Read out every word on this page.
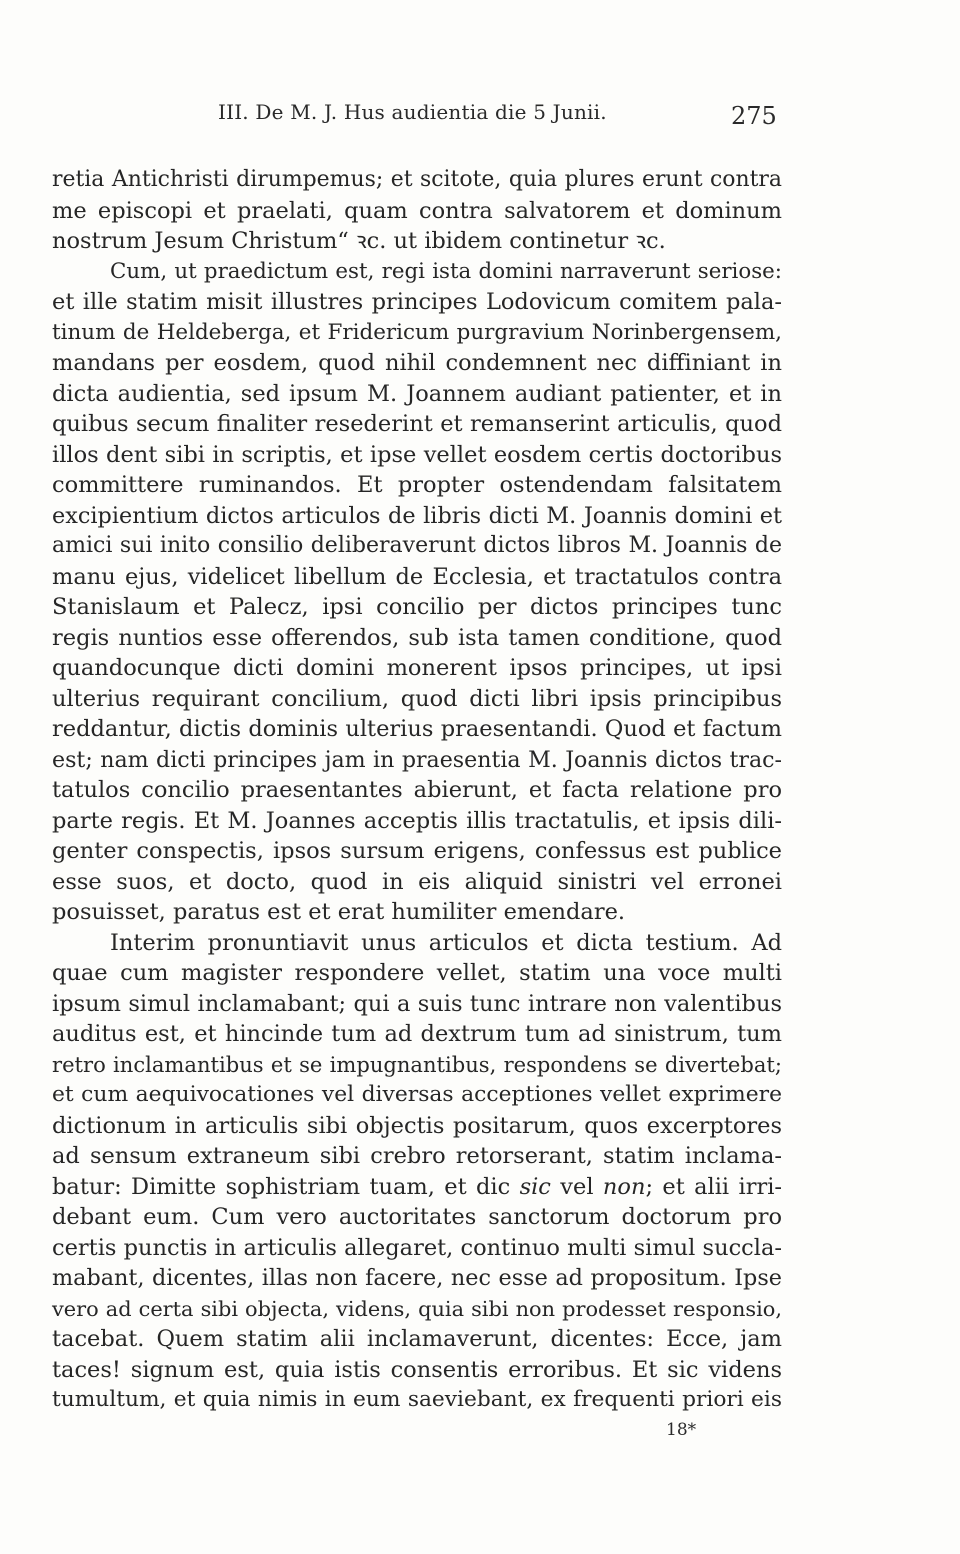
III. De M. J. Hus audientia die 5 Junii.	275
retia Antichristi dirumpemus; et scitote, quia plures erunt contra
me episcopi et praelati, quam contra salvatorem et dominum
nostrum Jesum Christum“ ꝛc. ut ibidem continetur ꝛc.
Cum, ut praedictum est, regi ista domini narraverunt seriose:
et ille statim misit illustres principes Lodovicum comitem pala-
tinum de Heldeberga, et Fridericum purgravium Norinbergensem,
mandans per eosdem, quod nihil condemnent nec diffiniant in
dicta audientia, sed ipsum M. Joannem audiant patienter, et in
quibus secum finaliter resederint et remanserint articulis, quod
illos dent sibi in scriptis, et ipse vellet eosdem certis doctoribus
committere ruminandos. Et propter ostendendam falsitatem
excipientium dictos articulos de libris dicti M. Joannis domini et
amici sui inito consilio deliberaverunt dictos libros M. Joannis de
manu ejus, videlicet libellum de Ecclesia, et tractatulos contra
Stanislaum et Palecz, ipsi concilio per dictos principes tunc
regis nuntios esse offerendos, sub ista tamen conditione, quod
quandocunque dicti domini monerent ipsos principes, ut ipsi
ulterius requirant concilium, quod dicti libri ipsis principibus
reddantur, dictis dominis ulterius praesentandi. Quod et factum
est; nam dicti principes jam in praesentia M. Joannis dictos trac-
tatulos concilio praesentantes abierunt, et facta relatione pro
parte regis. Et M. Joannes acceptis illis tractatulis, et ipsis dili-
genter conspectis, ipsos sursum erigens, confessus est publice
esse suos, et docto, quod in eis aliquid sinistri vel erronei
posuisset, paratus est et erat humiliter emendare.
Interim pronuntiavit unus articulos et dicta testium. Ad
quae cum magister respondere vellet, statim una voce multi
ipsum simul inclamabant; qui a suis tunc intrare non valentibus
auditus est, et hincinde tum ad dextrum tum ad sinistrum, tum
retro inclamantibus et se impugnantibus, respondens se divertebat;
et cum aequivocationes vel diversas acceptiones vellet exprimere
dictionum in articulis sibi objectis positarum, quos excerptores
ad sensum extraneum sibi crebro retorserant, statim inclama-
batur: Dimitte sophistriam tuam, et dic sic vel non; et alii irri-
debant eum. Cum vero auctoritates sanctorum doctorum pro
certis punctis in articulis allegaret, continuo multi simul succla-
mabant, dicentes, illas non facere, nec esse ad propositum. Ipse
vero ad certa sibi objecta, videns, quia sibi non prodesset responsio,
tacebat. Quem statim alii inclamaverunt, dicentes: Ecce, jam
taces! signum est, quia istis consentis erroribus. Et sic videns
tumultum, et quia nimis in eum saeviebant, ex frequenti priori eis
18*
